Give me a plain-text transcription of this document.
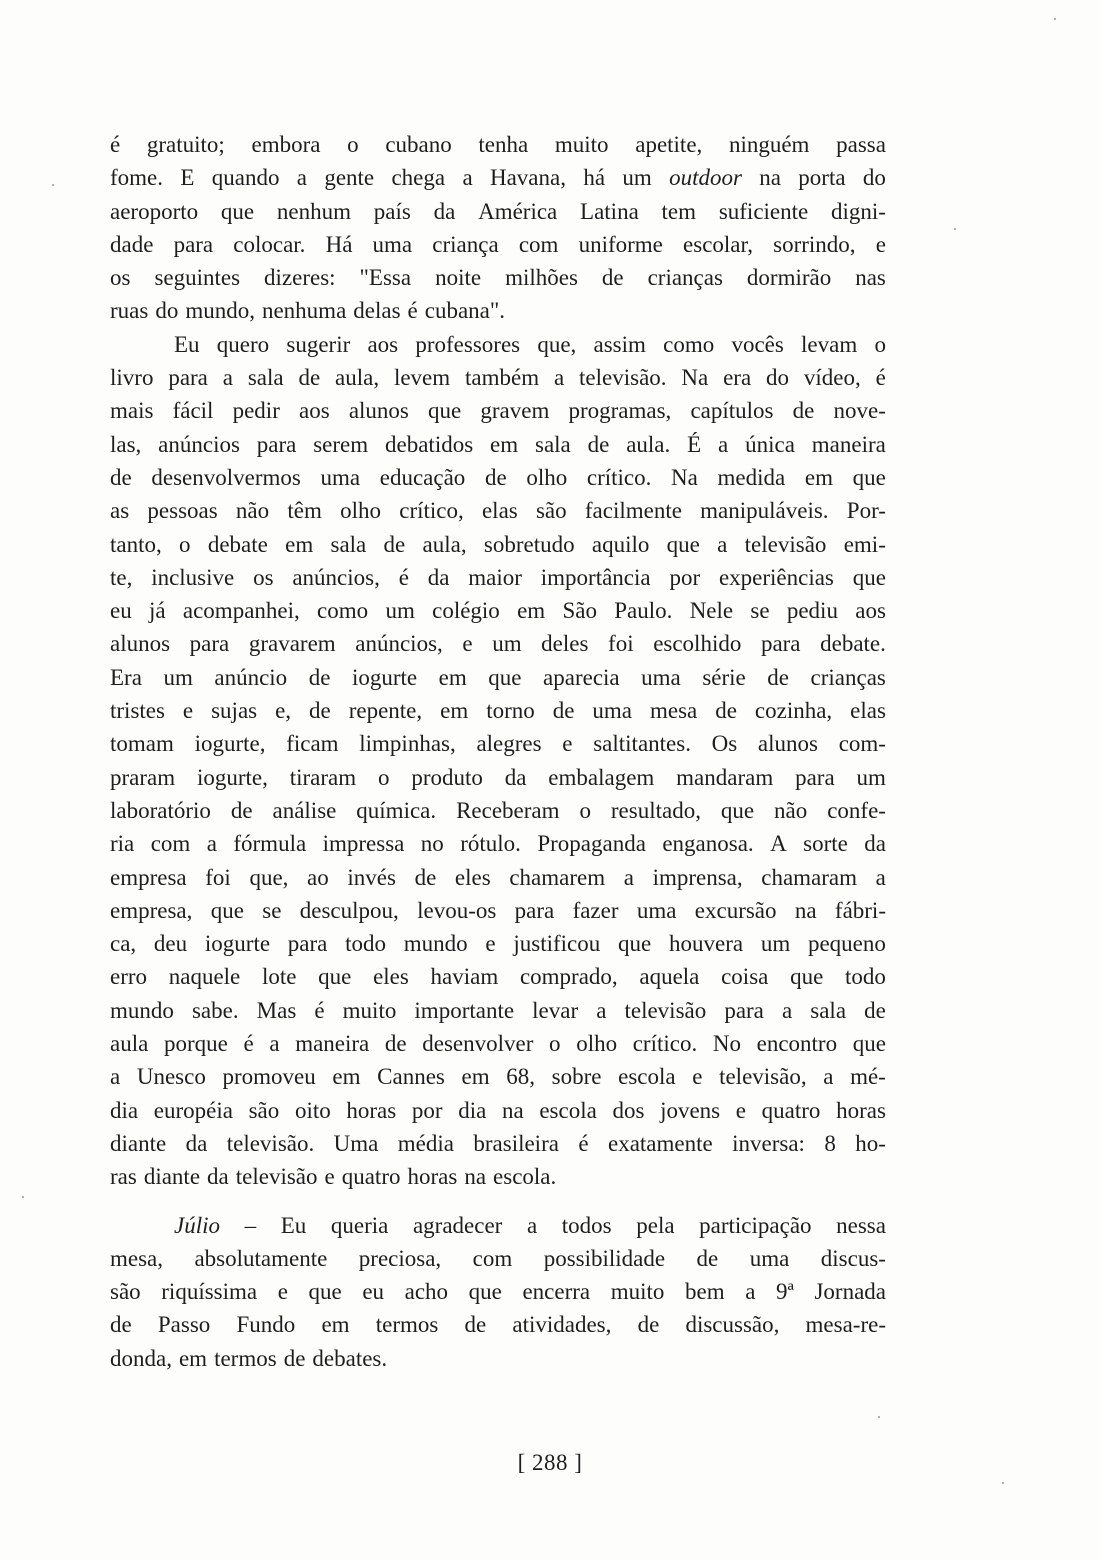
é gratuito; embora o cubano tenha muito apetite, ninguém passa
fome. E quando a gente chega a Havana, há um outdoor na porta do
aeroporto que nenhum país da América Latina tem suficiente digni-
dade para colocar. Há uma criança com uniforme escolar, sorrindo, e
os seguintes dizeres: "Essa noite milhões de crianças dormirão nas
ruas do mundo, nenhuma delas é cubana".
Eu quero sugerir aos professores que, assim como vocês levam o
livro para a sala de aula, levem também a televisão. Na era do vídeo, é
mais fácil pedir aos alunos que gravem programas, capítulos de nove-
las, anúncios para serem debatidos em sala de aula. É a única maneira
de desenvolvermos uma educação de olho crítico. Na medida em que
as pessoas não têm olho crítico, elas são facilmente manipuláveis. Por-
tanto, o debate em sala de aula, sobretudo aquilo que a televisão emi-
te, inclusive os anúncios, é da maior importância por experiências que
eu já acompanhei, como um colégio em São Paulo. Nele se pediu aos
alunos para gravarem anúncios, e um deles foi escolhido para debate.
Era um anúncio de iogurte em que aparecia uma série de crianças
tristes e sujas e, de repente, em torno de uma mesa de cozinha, elas
tomam iogurte, ficam limpinhas, alegres e saltitantes. Os alunos com-
praram iogurte, tiraram o produto da embalagem mandaram para um
laboratório de análise química. Receberam o resultado, que não confe-
ria com a fórmula impressa no rótulo. Propaganda enganosa. A sorte da
empresa foi que, ao invés de eles chamarem a imprensa, chamaram a
empresa, que se desculpou, levou-os para fazer uma excursão na fábri-
ca, deu iogurte para todo mundo e justificou que houvera um pequeno
erro naquele lote que eles haviam comprado, aquela coisa que todo
mundo sabe. Mas é muito importante levar a televisão para a sala de
aula porque é a maneira de desenvolver o olho crítico. No encontro que
a Unesco promoveu em Cannes em 68, sobre escola e televisão, a mé-
dia européia são oito horas por dia na escola dos jovens e quatro horas
diante da televisão. Uma média brasileira é exatamente inversa: 8 ho-
ras diante da televisão e quatro horas na escola.
Júlio – Eu queria agradecer a todos pela participação nessa
mesa, absolutamente preciosa, com possibilidade de uma discus-
são riquíssima e que eu acho que encerra muito bem a 9ª Jornada
de Passo Fundo em termos de atividades, de discussão, mesa-re-
donda, em termos de debates.
[ 288 ]
